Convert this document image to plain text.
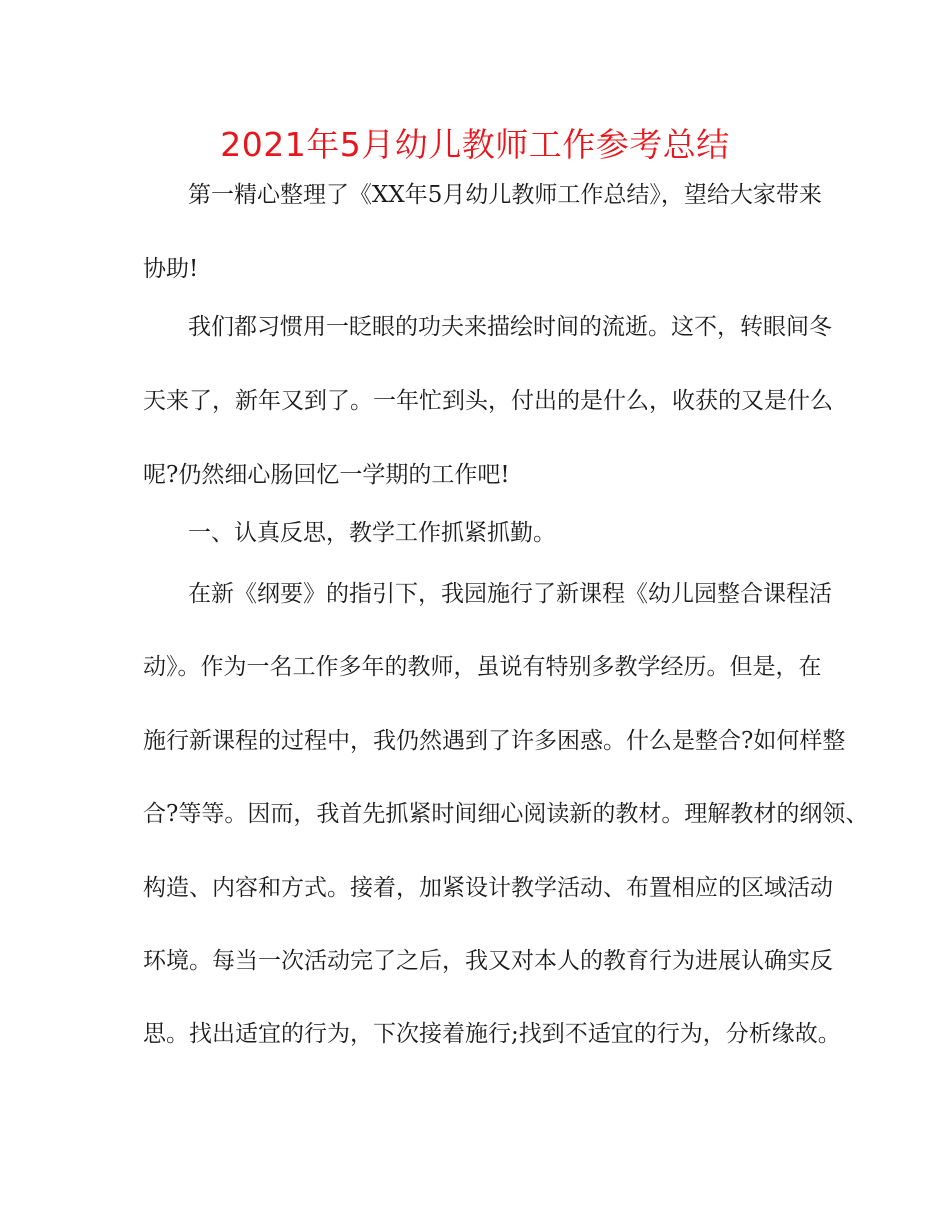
2021年5月幼儿教师工作参考总结
第一精心整理了《XX年5月幼儿教师工作总结》，望给大家带来
协助!
我们都习惯用一眨眼的功夫来描绘时间的流逝。这不，转眼间冬
天来了，新年又到了。一年忙到头，付出的是什么，收获的又是什么
呢?仍然细心肠回忆一学期的工作吧!
一、认真反思，教学工作抓紧抓勤。
在新《纲要》的指引下，我园施行了新课程《幼儿园整合课程活
动》。作为一名工作多年的教师，虽说有特别多教学经历。但是，在
施行新课程的过程中，我仍然遇到了许多困惑。什么是整合?如何样整
合?等等。因而，我首先抓紧时间细心阅读新的教材。理解教材的纲领、
构造、内容和方式。接着，加紧设计教学活动、布置相应的区域活动
环境。每当一次活动完了之后，我又对本人的教育行为进展认确实反
思。找出适宜的行为，下次接着施行;找到不适宜的行为，分析缘故。
